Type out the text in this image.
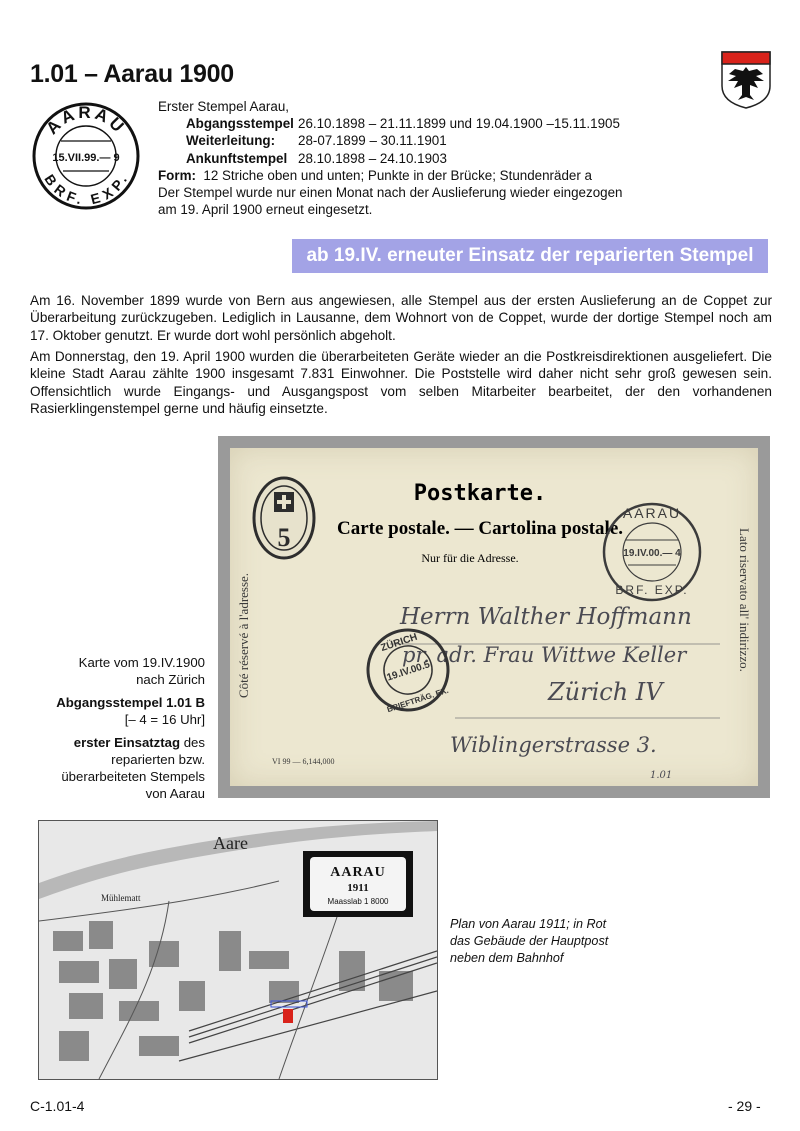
1.01 – Aarau 1900
AARAU
15.VII.99.— 9
BRF. EXP.
Erster Stempel Aarau,
Abgangsstempel 26.10.1898 – 21.11.1899 und 19.04.1900 –15.11.1905
Weiterleitung:	28-07.1899 – 30.11.1901
Ankunftstempel 28.10.1898 – 24.10.1903
Form: 12 Striche oben und unten; Punkte in der Brücke; Stundenräder a
Der Stempel wurde nur einen Monat nach der Auslieferung wieder eingezogen am 19. April 1900 erneut eingesetzt.
ab 19.IV. erneuter Einsatz der reparierten Stempel

Am 16. November 1899 wurde von Bern aus angewiesen, alle Stempel aus der ersten Auslieferung an de Coppet zur Überarbeitung zurückzugeben. Lediglich in Lausanne, dem Wohnort von de Coppet, wurde der dortige Stempel noch am 17. Oktober genutzt. Er wurde dort wohl persönlich abgeholt.

Am Donnerstag, den 19. April 1900 wurden die überarbeiteten Geräte wieder an die Postkreisdirektionen ausgeliefert. Die kleine Stadt Aarau zählte 1900 insgesamt 7.831 Einwohner. Die Poststelle wird daher nicht sehr groß gewesen sein. Offensichtlich wurde Eingangs- und Ausgangspost vom selben Mitarbeiter bearbeitet, der den vorhandenen Rasierklingenstempel gerne und häufig einsetzte.

Karte vom 19.IV.1900
nach Zürich
Abgangsstempel 1.01 B
[– 4 = 16 Uhr]
erster Einsatztag des reparierten bzw. überarbeiteten Stempels von Aarau
5
Côté réservé à l'adresse.	Lato riservato all' indirizzo.
Postkarte.
Carte postale. — Cartolina postale.
Nur für die Adresse.
Herrn Walther Hoffmann
pr. adr. Frau Wittwe Keller
Zürich IV
Wiblingerstrasse 3.
1.01
AARAU
19.IV.00.— 4
BRF. EXP.
ZÜRICH
19.IV.00.5
BRIEFTRÄG. EX.
VI 99 — 6,144,000
Aare
Mühlematt
AARAU
1911
Maasslab 1 8000
Plan von Aarau 1911; in Rot das Gebäude der Hauptpost neben dem Bahnhof
C-1.01-4	- 29 -
